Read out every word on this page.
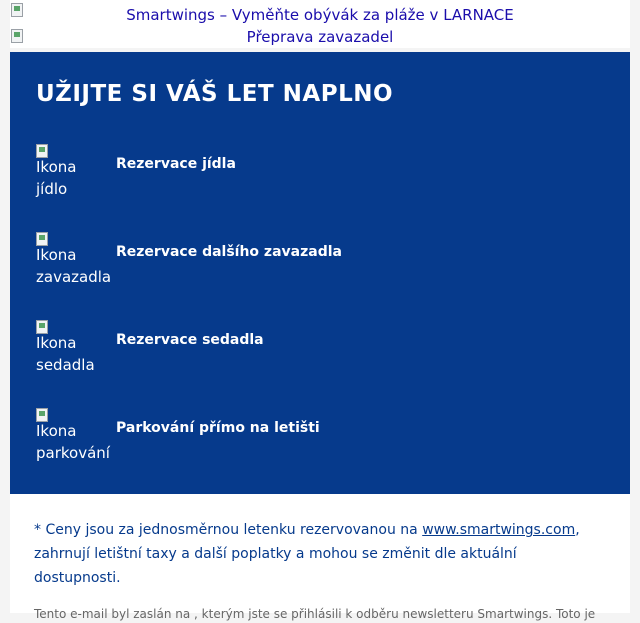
Smartwings – Vyměňte obývák za pláže v LARNACE
Přeprava zavazadel
UŽIJTE SI VÁŠ LET NAPLNO
Ikona jídlo
Rezervace jídla
Ikona zavazadla
Rezervace dalšího zavazadla
Ikona sedadla
Rezervace sedadla
Ikona parkování
Parkování přímo na letišti

* Ceny jsou za jednosměrnou letenku rezervovanou na www.smartwings.com, zahrnují letištní taxy a další poplatky a mohou se změnit dle aktuální dostupnosti.

Tento e-mail byl zaslán na , kterým jste se přihlásili k odběru newsletteru Smartwings. Toto je
